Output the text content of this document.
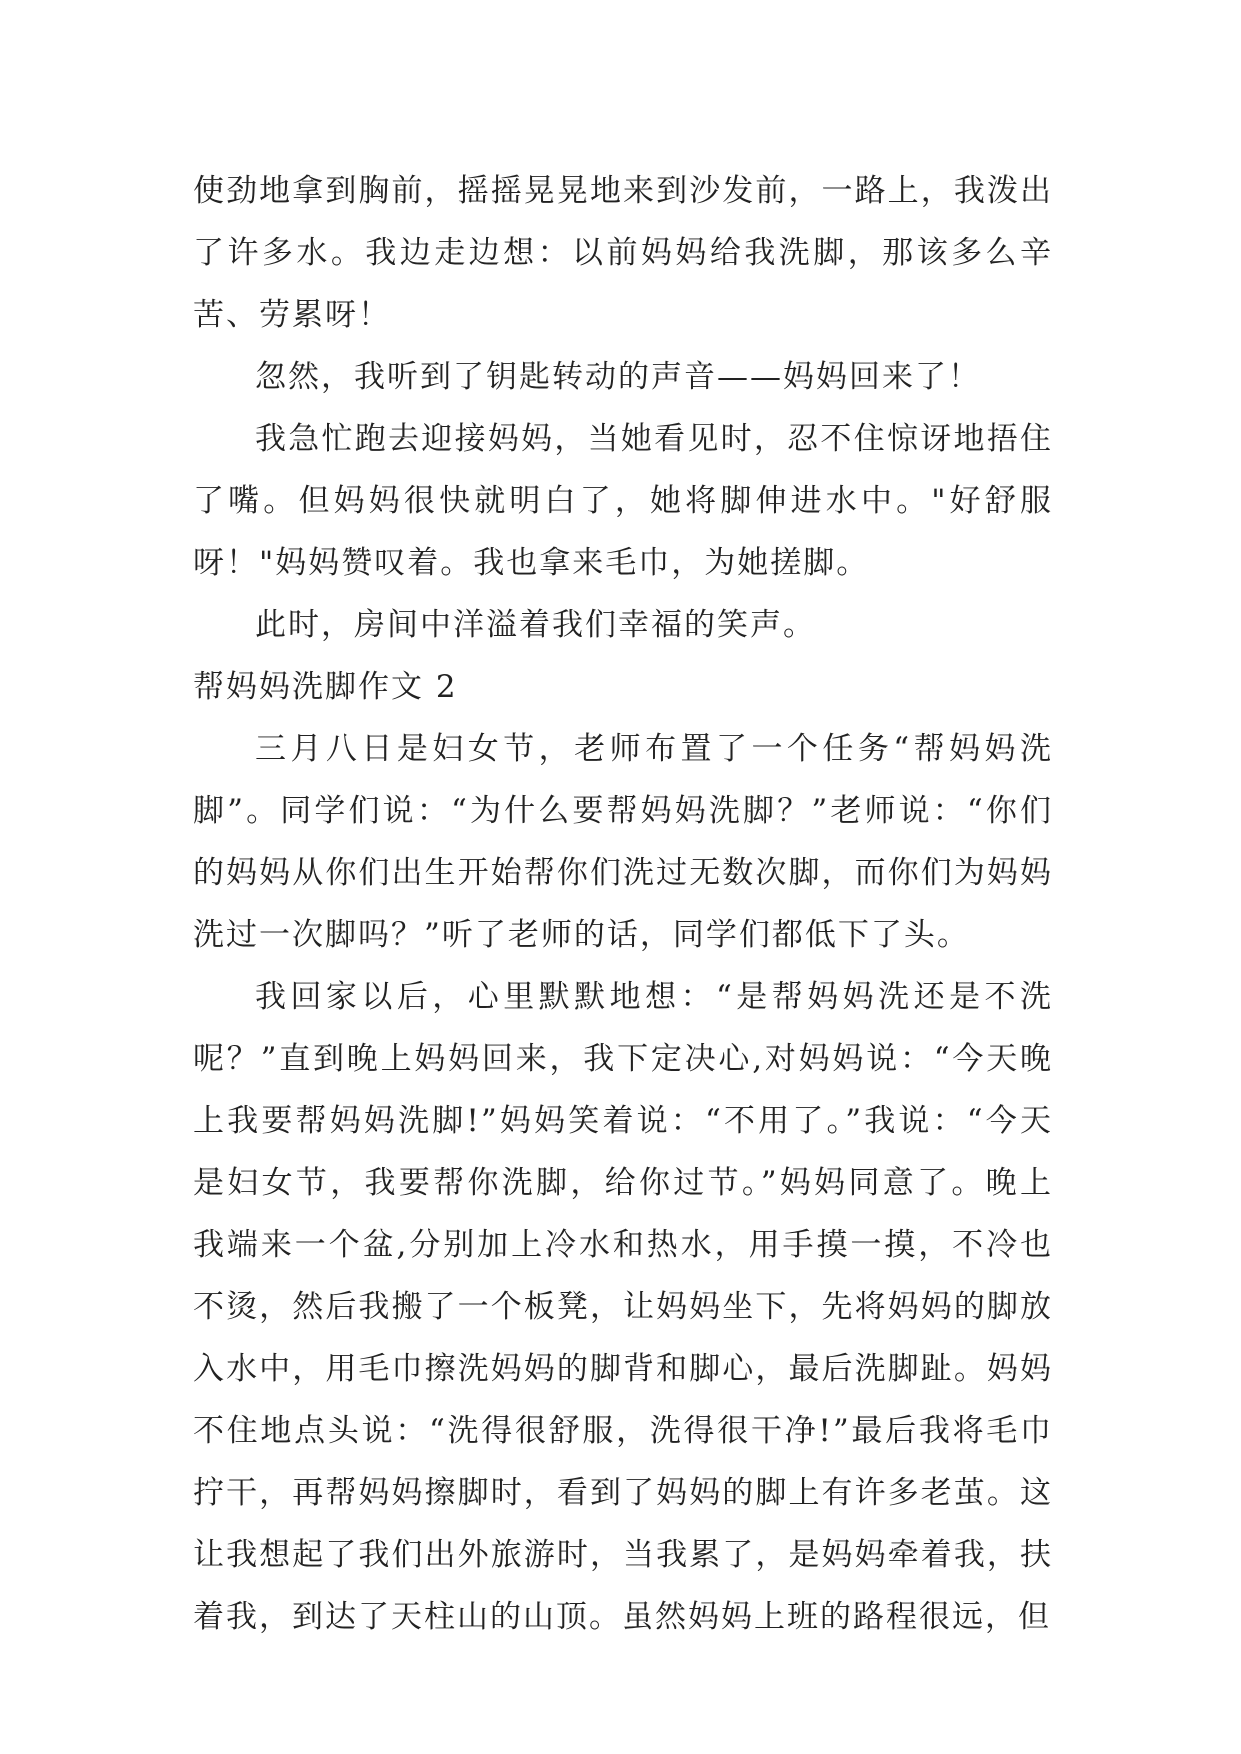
使劲地拿到胸前，摇摇晃晃地来到沙发前，一路上，我泼出了许多水。我边走边想：以前妈妈给我洗脚，那该多么辛苦、劳累呀！

忽然，我听到了钥匙转动的声音——妈妈回来了！

我急忙跑去迎接妈妈，当她看见时，忍不住惊讶地捂住了嘴。但妈妈很快就明白了，她将脚伸进水中。"好舒服呀！"妈妈赞叹着。我也拿来毛巾，为她搓脚。

此时，房间中洋溢着我们幸福的笑声。

帮妈妈洗脚作文 2

三月八日是妇女节，老师布置了一个任务“帮妈妈洗脚”。同学们说：“为什么要帮妈妈洗脚？”老师说：“你们的妈妈从你们出生开始帮你们洗过无数次脚，而你们为妈妈洗过一次脚吗？”听了老师的话，同学们都低下了头。

我回家以后，心里默默地想：“是帮妈妈洗还是不洗呢？”直到晚上妈妈回来，我下定决心,对妈妈说：“今天晚上我要帮妈妈洗脚!”妈妈笑着说：“不用了。”我说：“今天是妇女节，我要帮你洗脚，给你过节。”妈妈同意了。晚上我端来一个盆,分别加上冷水和热水，用手摸一摸，不冷也不烫，然后我搬了一个板凳，让妈妈坐下，先将妈妈的脚放入水中，用毛巾擦洗妈妈的脚背和脚心，最后洗脚趾。妈妈不住地点头说：“洗得很舒服，洗得很干净!”最后我将毛巾拧干，再帮妈妈擦脚时，看到了妈妈的脚上有许多老茧。这让我想起了我们出外旅游时，当我累了，是妈妈牵着我，扶着我，到达了天柱山的山顶。虽然妈妈上班的路程很远，但
